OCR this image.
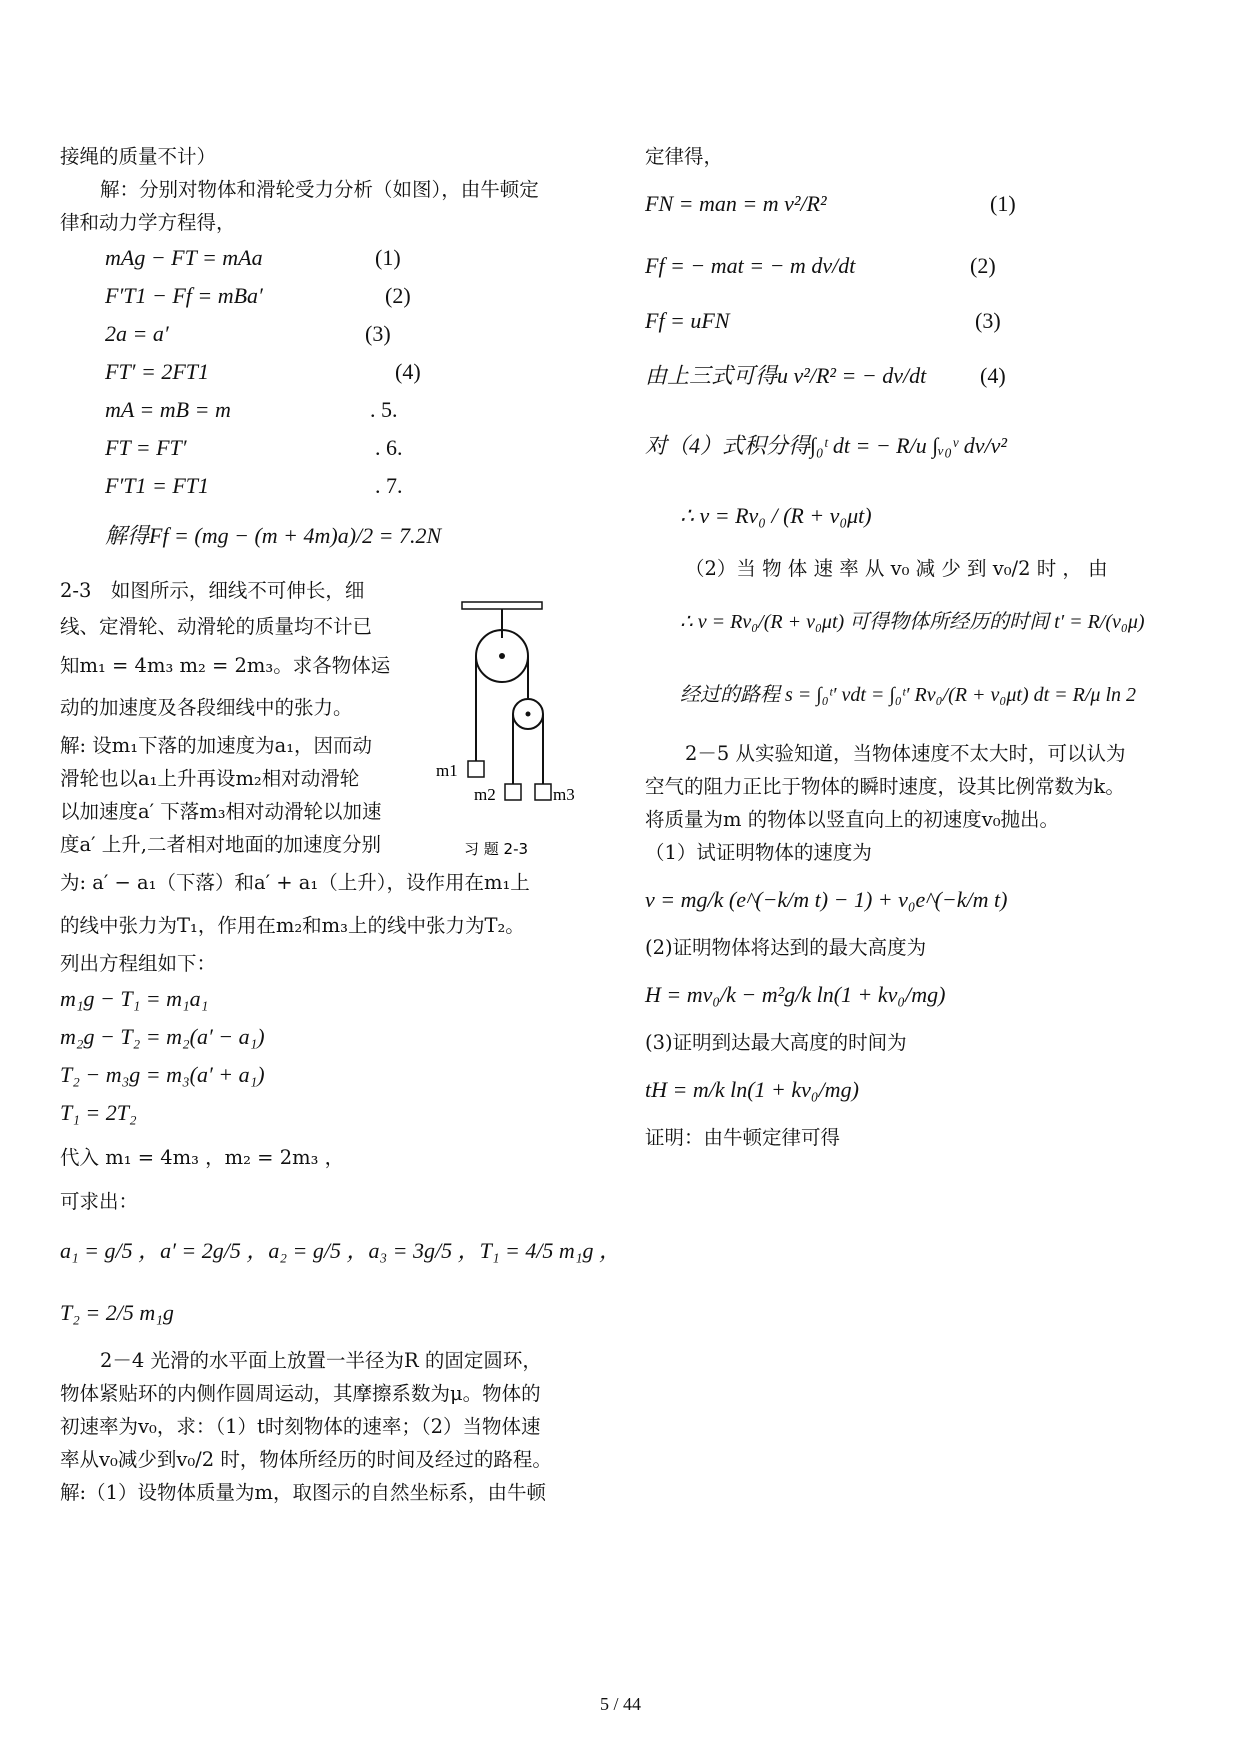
接绳的质量不计）

解：分别对物体和滑轮受力分析（如图），由牛顿定

律和动力学方程得，

mAg − FT = mAa	(1)
F′T1 − Ff = mBa′	(2)
2a = a′	(3)
FT′ = 2FT1	(4)
mA = mB = m	. 5.
FT = FT′	. 6.
F′T1 = FT1	. 7.
解得Ff = (mg − (m + 4m)a)/2 = 7.2N

2-3　如图所示，细线不可伸长，细

线、定滑轮、动滑轮的质量均不计已

知m₁ = 4m₃ m₂ = 2m₃。求各物体运

动的加速度及各段细线中的张力。

解: 设m₁下落的加速度为a₁，因而动

滑轮也以a₁上升再设m₂相对动滑轮

以加速度a′ 下落m₃相对动滑轮以加速

度a′ 上升,二者相对地面的加速度分别

为: a′ − a₁（下落）和a′ + a₁（上升），设作用在m₁上

的线中张力为T₁，作用在m₂和m₃上的线中张力为T₂。

列出方程组如下：

m₁g − T₁ = m₁a₁
m₂g − T₂ = m₂(a′ − a₁)
T₂ − m₃g = m₃(a′ + a₁)
T₁ = 2T₂

代入 m₁ = 4m₃ ，m₂ = 2m₃ ，

可求出：

a₁ = g/5 ，a′ = 2g/5 ，a₂ = g/5 ，a₃ = 3g/5 ，T₁ = 4/5 m₁g ，
T₂ = 2/5 m₁g

2－4 光滑的水平面上放置一半径为R 的固定圆环，

物体紧贴环的内侧作圆周运动，其摩擦系数为μ。物体的

初速率为v₀，求：（1）t时刻物体的速率；（2）当物体速

率从v₀减少到v₀/2 时，物体所经历的时间及经过的路程。

解:（1）设物体质量为m，取图示的自然坐标系，由牛顿

m1
m2	m3
习 题 2-3

定律得，

FN = man = m v²/R²	(1)
Ff = − mat = − m dv/dt	(2)
Ff = uFN	(3)
由上三式可得u v²/R² = − dv/dt (4)
对（4）式积分得∫₀ᵗ dt = − R/u ∫ᵥ₀ᵛ dv/v²
∴ v = Rv₀ / (R + v₀μt)

（2）当 物 体 速 率 从 v₀ 减 少 到 v₀/2 时 ， 由

∴ v = Rv₀/(R + v₀μt) 可得物体所经历的时间 t′ = R/(v₀μ)
经过的路程 s = ∫₀ᵗ′ vdt = ∫₀ᵗ′ Rv₀/(R + v₀μt) dt = R/μ ln 2

2－5 从实验知道，当物体速度不太大时，可以认为

空气的阻力正比于物体的瞬时速度，设其比例常数为k。

将质量为m 的物体以竖直向上的初速度v₀抛出。

（1）试证明物体的速度为

v = mg/k (e^(−k/m t) − 1) + v₀e^(−k/m t)

(2)证明物体将达到的最大高度为

H = mv₀/k − m²g/k ln(1 + kv₀/mg)

(3)证明到达最大高度的时间为

tH = m/k ln(1 + kv₀/mg)

证明：由牛顿定律可得

5 / 44
